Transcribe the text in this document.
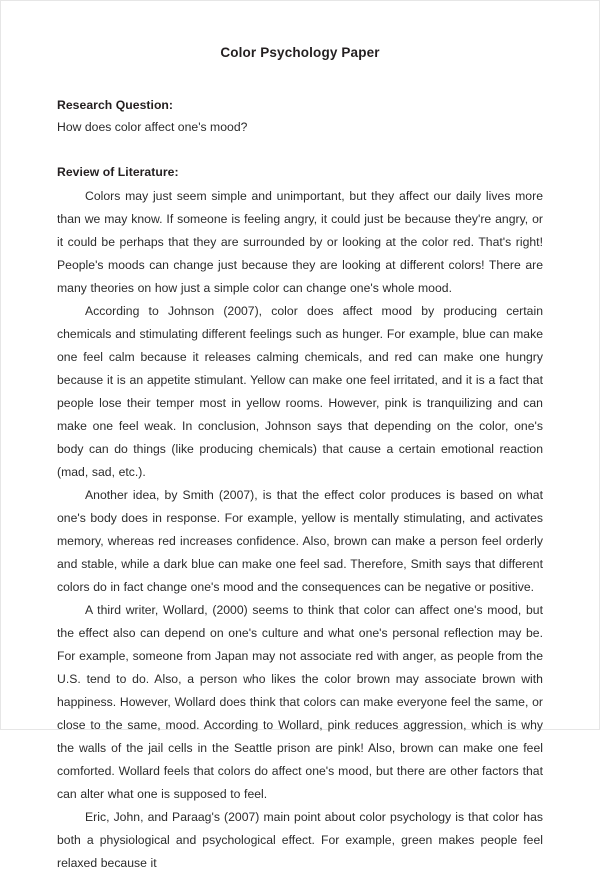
Color Psychology Paper
Research Question:

How does color affect one's mood?

Review of Literature:

Colors may just seem simple and unimportant, but they affect our daily lives more than we may know. If someone is feeling angry, it could just be because they're angry, or it could be perhaps that they are surrounded by or looking at the color red. That's right! People's moods can change just because they are looking at different colors! There are many theories on how just a simple color can change one's whole mood.

According to Johnson (2007), color does affect mood by producing certain chemicals and stimulating different feelings such as hunger. For example, blue can make one feel calm because it releases calming chemicals, and red can make one hungry because it is an appetite stimulant. Yellow can make one feel irritated, and it is a fact that people lose their temper most in yellow rooms. However, pink is tranquilizing and can make one feel weak. In conclusion, Johnson says that depending on the color, one's body can do things (like producing chemicals) that cause a certain emotional reaction (mad, sad, etc.).

Another idea, by Smith (2007), is that the effect color produces is based on what one's body does in response. For example, yellow is mentally stimulating, and activates memory, whereas red increases confidence. Also, brown can make a person feel orderly and stable, while a dark blue can make one feel sad. Therefore, Smith says that different colors do in fact change one's mood and the consequences can be negative or positive.

A third writer, Wollard, (2000) seems to think that color can affect one's mood, but the effect also can depend on one's culture and what one's personal reflection may be. For example, someone from Japan may not associate red with anger, as people from the U.S. tend to do. Also, a person who likes the color brown may associate brown with happiness. However, Wollard does think that colors can make everyone feel the same, or close to the same, mood. According to Wollard, pink reduces aggression, which is why the walls of the jail cells in the Seattle prison are pink! Also, brown can make one feel comforted. Wollard feels that colors do affect one's mood, but there are other factors that can alter what one is supposed to feel.

Eric, John, and Paraag's (2007) main point about color psychology is that color has both a physiological and psychological effect. For example, green makes people feel relaxed because it
